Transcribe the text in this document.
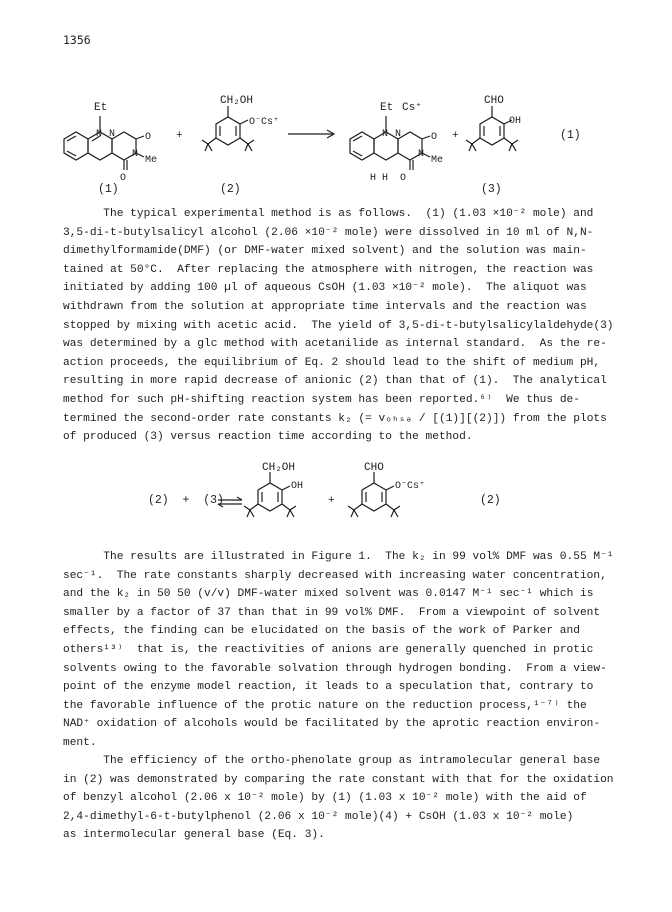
1356
Et
N N
N
O
Me
O
+
CH₂OH
O⁻Cs⁺
Et Cs⁺
N N
N
O
Me
H H  O
+
CHO
OH
(1)
(1)	(2)	(3)
The typical experimental method is as follows.  (1) (1.03 ×10⁻² mole) and
3,5-di-t-butylsalicyl alcohol (2.06 ×10⁻² mole) were dissolved in 10 ml of N,N-
dimethylformamide(DMF) (or DMF-water mixed solvent) and the solution was main-
tained at 50°C.  After replacing the atmosphere with nitrogen, the reaction was
initiated by adding 100 µl of aqueous CsOH (1.03 ×10⁻² mole).  The aliquot was
withdrawn from the solution at appropriate time intervals and the reaction was
stopped by mixing with acetic acid.  The yield of 3,5-di-t-butylsalicylaldehyde(3)
was determined by a glc method with acetanilide as internal standard.  As the re-
action proceeds, the equilibrium of Eq. 2 should lead to the shift of medium pH,
resulting in more rapid decrease of anionic (2) than that of (1).  The analytical
method for such pH-shifting reaction system has been reported.⁶⁾  We thus de-
termined the second-order rate constants k₂ (= vₒₕₛₔ / [(1)][(2)]) from the plots
of produced (3) versus reaction time according to the method.
(2)  +  (3)
CH₂OH
OH
+
CHO
O⁻Cs⁺
(2)
The results are illustrated in Figure 1.  The k₂ in 99 vol% DMF was 0.55 M⁻¹
sec⁻¹.  The rate constants sharply decreased with increasing water concentration,
and the k₂ in 50 50 (v/v) DMF-water mixed solvent was 0.0147 M⁻¹ sec⁻¹ which is
smaller by a factor of 37 than that in 99 vol% DMF.  From a viewpoint of solvent
effects, the finding can be elucidated on the basis of the work of Parker and
others¹³⁾  that is, the reactivities of anions are generally quenched in protic
solvents owing to the favorable solvation through hydrogen bonding.  From a view-
point of the enzyme model reaction, it leads to a speculation that, contrary to
the favorable influence of the protic nature on the reduction process,¹⁻⁷⁾ the
NAD⁺ oxidation of alcohols would be facilitated by the aprotic reaction environ-
ment.
The efficiency of the ortho-phenolate group as intramolecular general base
in (2) was demonstrated by comparing the rate constant with that for the oxidation
of benzyl alcohol (2.06 x 10⁻² mole) by (1) (1.03 x 10⁻² mole) with the aid of
2,4-dimethyl-6-t-butylphenol (2.06 x 10⁻² mole)(4) + CsOH (1.03 x 10⁻² mole)
as intermolecular general base (Eq. 3).
